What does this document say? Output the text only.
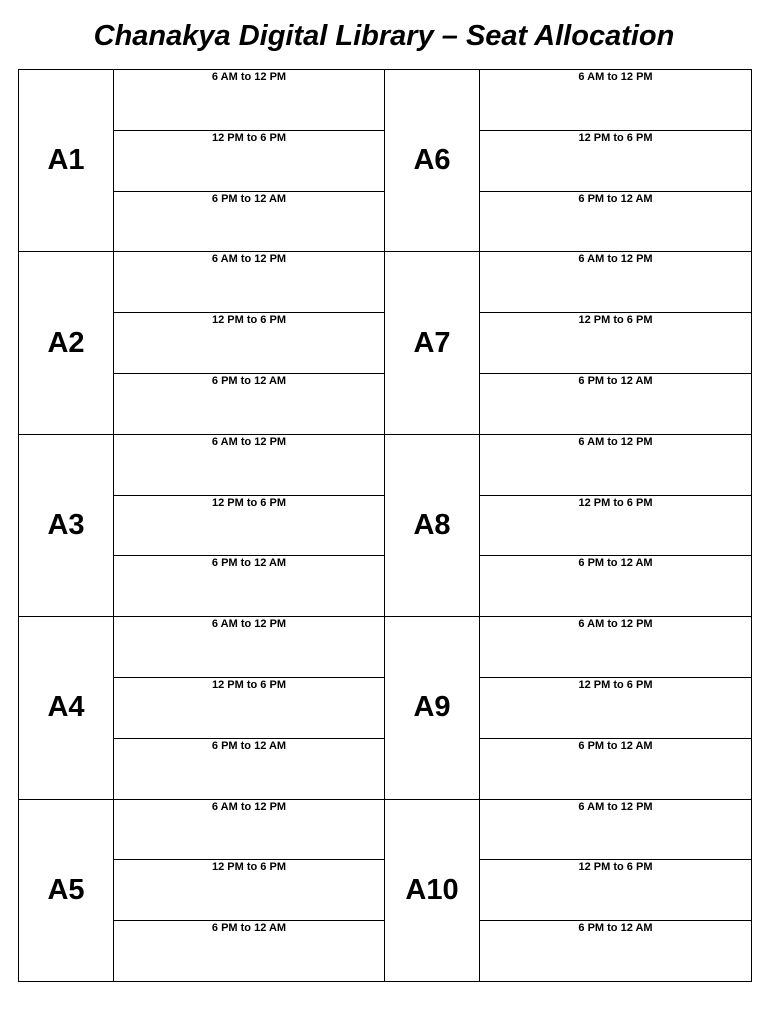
Chanakya Digital Library – Seat Allocation
A1	6 AM to 12 PM	A6	6 AM to 12 PM
	12 PM to 6 PM		12 PM to 6 PM
	6 PM to 12 AM		6 PM to 12 AM
A2	6 AM to 12 PM	A7	6 AM to 12 PM
	12 PM to 6 PM		12 PM to 6 PM
	6 PM to 12 AM		6 PM to 12 AM
A3	6 AM to 12 PM	A8	6 AM to 12 PM
	12 PM to 6 PM		12 PM to 6 PM
	6 PM to 12 AM		6 PM to 12 AM
A4	6 AM to 12 PM	A9	6 AM to 12 PM
	12 PM to 6 PM		12 PM to 6 PM
	6 PM to 12 AM		6 PM to 12 AM
A5	6 AM to 12 PM	A10	6 AM to 12 PM
	12 PM to 6 PM		12 PM to 6 PM
	6 PM to 12 AM		6 PM to 12 AM
